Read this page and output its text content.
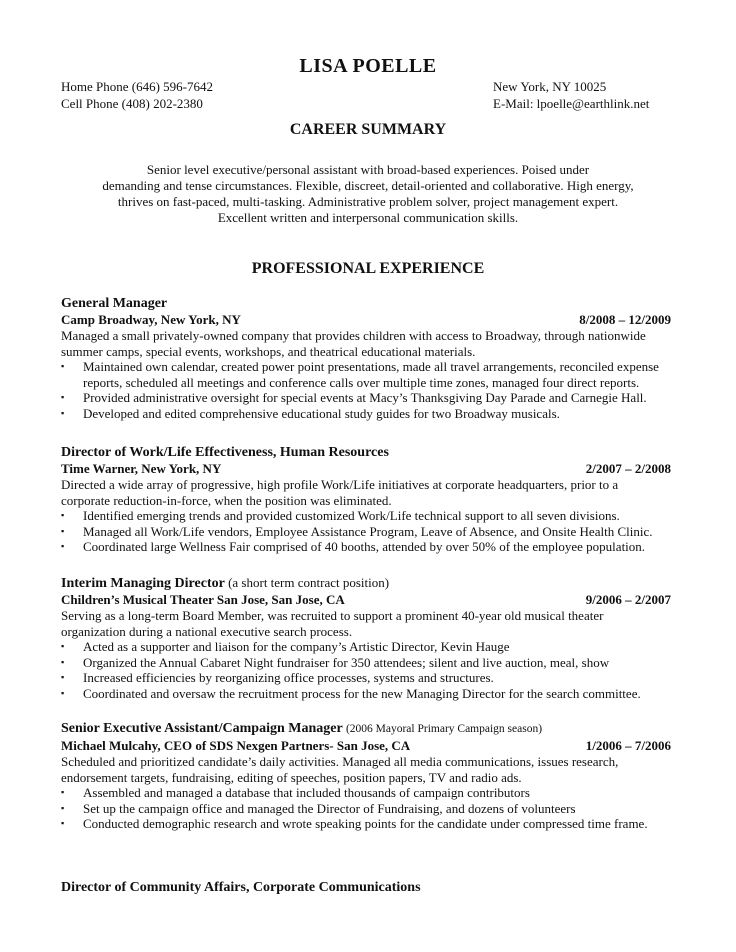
LISA POELLE
Home Phone (646) 596-7642
Cell Phone (408) 202-2380
New York, NY 10025
E-Mail: lpoelle@earthlink.net
CAREER SUMMARY
Senior level executive/personal assistant with broad-based experiences. Poised under
demanding and tense circumstances. Flexible, discreet, detail-oriented and collaborative. High energy,
thrives on fast-paced, multi-tasking. Administrative problem solver, project management expert.
Excellent written and interpersonal communication skills.
PROFESSIONAL EXPERIENCE
General Manager
Camp Broadway, New York, NY	8/2008 – 12/2009
Managed a small privately-owned company that provides children with access to Broadway, through nationwide
summer camps, special events, workshops, and theatrical educational materials.
▪ Maintained own calendar, created power point presentations, made all travel arrangements, reconciled expense
reports, scheduled all meetings and conference calls over multiple time zones, managed four direct reports.
▪ Provided administrative oversight for special events at Macy’s Thanksgiving Day Parade and Carnegie Hall.
▪ Developed and edited comprehensive educational study guides for two Broadway musicals.
Director of Work/Life Effectiveness, Human Resources
Time Warner, New York, NY	2/2007 – 2/2008
Directed a wide array of progressive, high profile Work/Life initiatives at corporate headquarters, prior to a
corporate reduction-in-force, when the position was eliminated.
▪ Identified emerging trends and provided customized Work/Life technical support to all seven divisions.
▪ Managed all Work/Life vendors, Employee Assistance Program, Leave of Absence, and Onsite Health Clinic.
▪ Coordinated large Wellness Fair comprised of 40 booths, attended by over 50% of the employee population.
Interim Managing Director (a short term contract position)
Children’s Musical Theater San Jose, San Jose, CA	9/2006 – 2/2007
Serving as a long-term Board Member, was recruited to support a prominent 40-year old musical theater
organization during a national executive search process.
▪ Acted as a supporter and liaison for the company’s Artistic Director, Kevin Hauge
▪ Organized the Annual Cabaret Night fundraiser for 350 attendees; silent and live auction, meal, show
▪ Increased efficiencies by reorganizing office processes, systems and structures.
▪ Coordinated and oversaw the recruitment process for the new Managing Director for the search committee.
Senior Executive Assistant/Campaign Manager (2006 Mayoral Primary Campaign season)
Michael Mulcahy, CEO of SDS Nexgen Partners- San Jose, CA	1/2006 – 7/2006
Scheduled and prioritized candidate’s daily activities. Managed all media communications, issues research,
endorsement targets, fundraising, editing of speeches, position papers, TV and radio ads.
▪ Assembled and managed a database that included thousands of campaign contributors
▪ Set up the campaign office and managed the Director of Fundraising, and dozens of volunteers
▪ Conducted demographic research and wrote speaking points for the candidate under compressed time frame.
Director of Community Affairs, Corporate Communications
